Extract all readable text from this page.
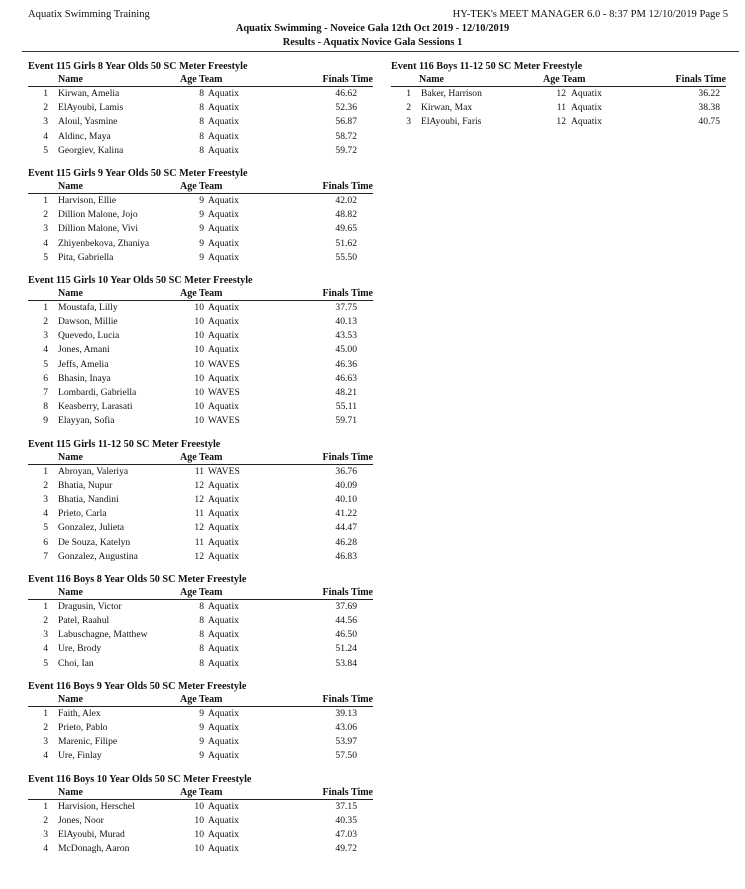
Aquatix Swimming Training	HY-TEK's MEET MANAGER 6.0 - 8:37 PM 12/10/2019 Page 5
Aquatix Swimming - Noveice Gala 12th Oct 2019 - 12/10/2019
Results - Aquatix Novice Gala Sessions 1
Event 115 Girls 8 Year Olds 50 SC Meter Freestyle
Name	Age Team	Finals Time
1 Kirwan, Amelia	8 Aquatix	46.62
2 ElAyoubi, Lamis	8 Aquatix	52.36
3 Aloul, Yasmine	8 Aquatix	56.87
4 Aldinc, Maya	8 Aquatix	58.72
5 Georgiev, Kalina	8 Aquatix	59.72
Event 115 Girls 9 Year Olds 50 SC Meter Freestyle
Name	Age Team	Finals Time
1 Harvison, Ellie	9 Aquatix	42.02
2 Dillion Malone, Jojo	9 Aquatix	48.82
3 Dillion Malone, Vivi	9 Aquatix	49.65
4 Zhiyenbekova, Zhaniya	9 Aquatix	51.62
5 Pita, Gabriella	9 Aquatix	55.50
Event 115 Girls 10 Year Olds 50 SC Meter Freestyle
Name	Age Team	Finals Time
1 Moustafa, Lilly	10 Aquatix	37.75
2 Dawson, Millie	10 Aquatix	40.13
3 Quevedo, Lucia	10 Aquatix	43.53
4 Jones, Amani	10 Aquatix	45.00
5 Jeffs, Amelia	10 WAVES	46.36
6 Bhasin, Inaya	10 Aquatix	46.63
7 Lombardi, Gabriella	10 WAVES	48.21
8 Keasberry, Larasati	10 Aquatix	55.11
9 Elayyan, Sofia	10 WAVES	59.71
Event 115 Girls 11-12 50 SC Meter Freestyle
Name	Age Team	Finals Time
1 Abroyan, Valeriya	11 WAVES	36.76
2 Bhatia, Nupur	12 Aquatix	40.09
3 Bhatia, Nandini	12 Aquatix	40.10
4 Prieto, Carla	11 Aquatix	41.22
5 Gonzalez, Julieta	12 Aquatix	44.47
6 De Souza, Katelyn	11 Aquatix	46.28
7 Gonzalez, Augustina	12 Aquatix	46.83
Event 116 Boys 8 Year Olds 50 SC Meter Freestyle
Name	Age Team	Finals Time
1 Dragusin, Victor	8 Aquatix	37.69
2 Patel, Raahul	8 Aquatix	44.56
3 Labuschagne, Matthew	8 Aquatix	46.50
4 Ure, Brody	8 Aquatix	51.24
5 Choi, Ian	8 Aquatix	53.84
Event 116 Boys 9 Year Olds 50 SC Meter Freestyle
Name	Age Team	Finals Time
1 Faith, Alex	9 Aquatix	39.13
2 Prieto, Pablo	9 Aquatix	43.06
3 Marenic, Filipe	9 Aquatix	53.97
4 Ure, Finlay	9 Aquatix	57.50
Event 116 Boys 10 Year Olds 50 SC Meter Freestyle
Name	Age Team	Finals Time
1 Harvision, Herschel	10 Aquatix	37.15
2 Jones, Noor	10 Aquatix	40.35
3 ElAyoubi, Murad	10 Aquatix	47.03
4 McDonagh, Aaron	10 Aquatix	49.72
Event 116 Boys 11-12 50 SC Meter Freestyle
Name	Age Team	Finals Time
1 Baker, Harrison	12 Aquatix	36.22
2 Kirwan, Max	11 Aquatix	38.38
3 ElAyoubi, Faris	12 Aquatix	40.75
